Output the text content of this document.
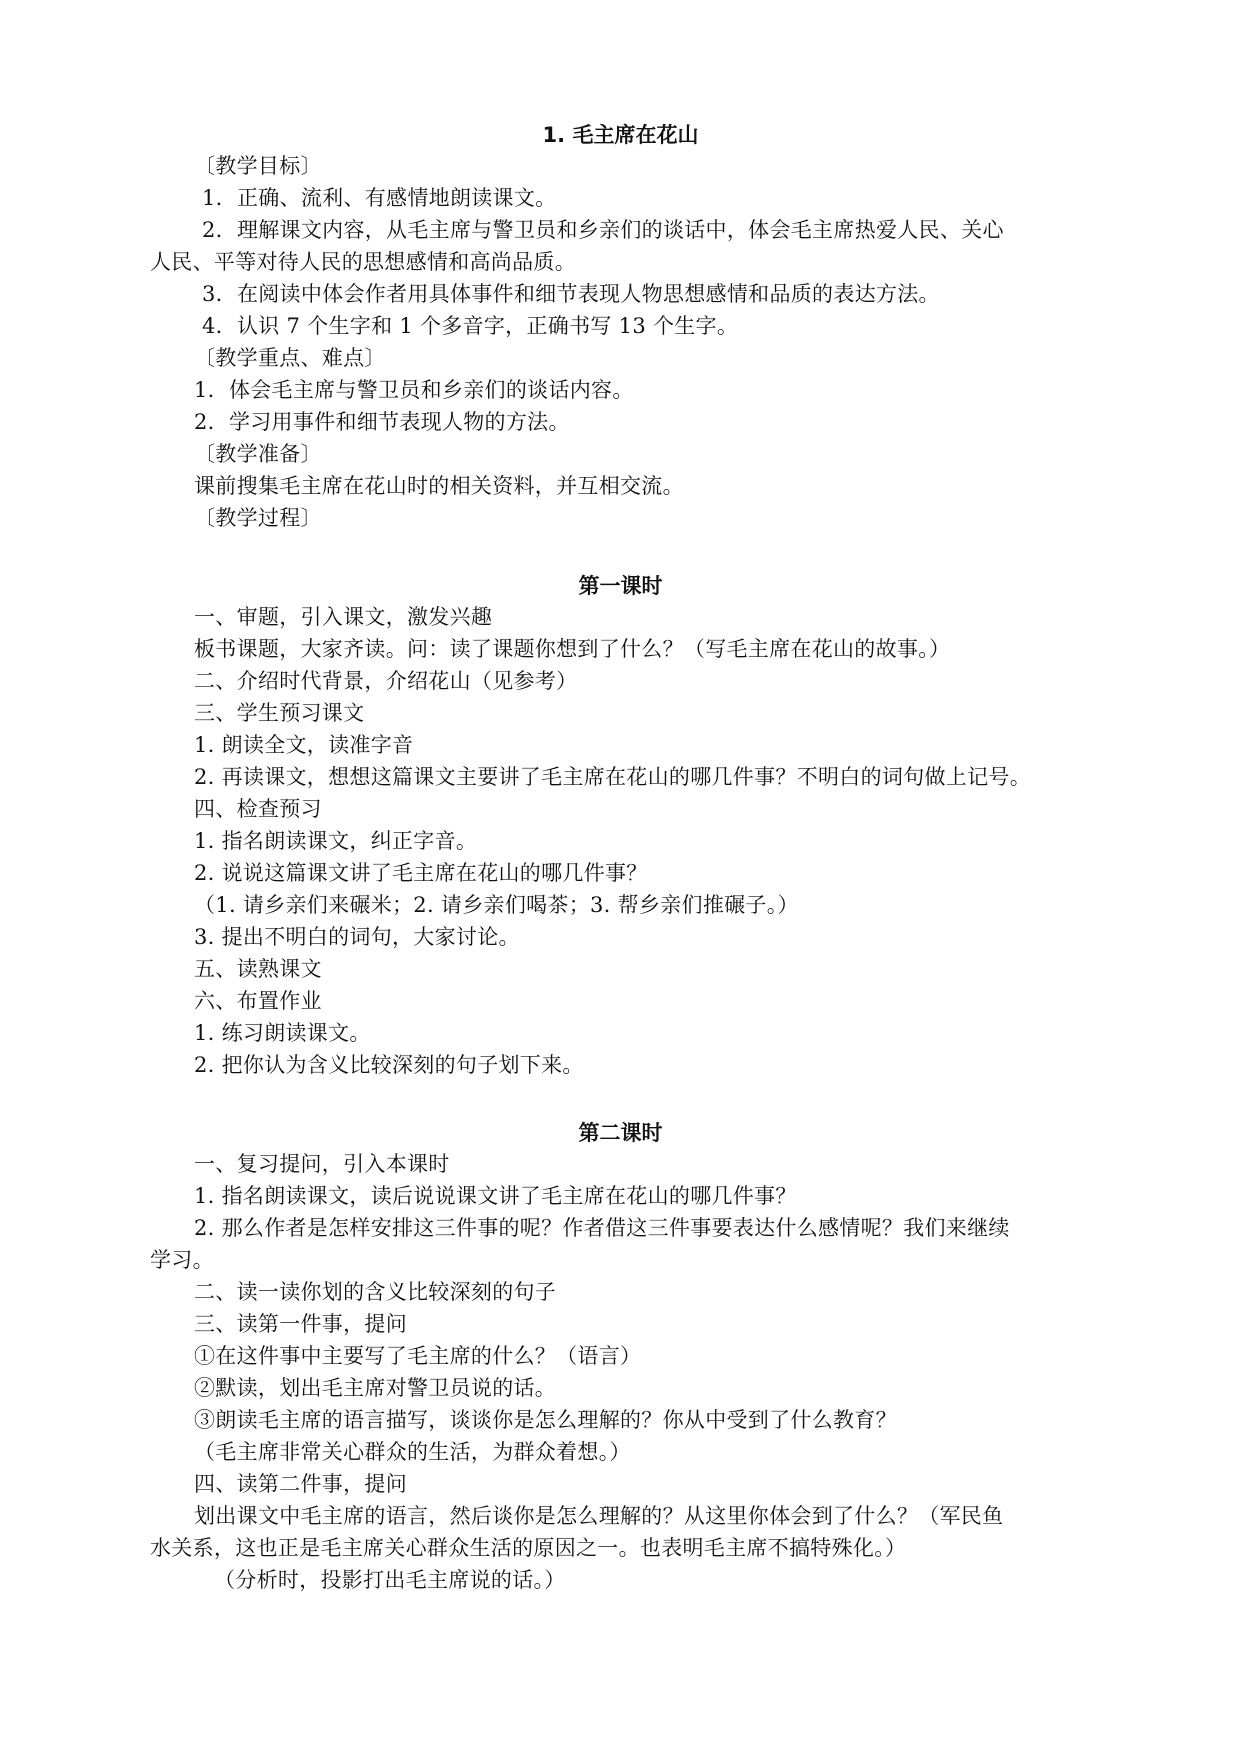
1. 毛主席在花山
〔教学目标〕
1．正确、流利、有感情地朗读课文。
2．理解课文内容，从毛主席与警卫员和乡亲们的谈话中，体会毛主席热爱人民、关心
人民、平等对待人民的思想感情和高尚品质。
3．在阅读中体会作者用具体事件和细节表现人物思想感情和品质的表达方法。
4．认识 7 个生字和 1 个多音字，正确书写 13 个生字。
〔教学重点、难点〕
1．体会毛主席与警卫员和乡亲们的谈话内容。
2．学习用事件和细节表现人物的方法。
〔教学准备〕
课前搜集毛主席在花山时的相关资料，并互相交流。
〔教学过程〕
第一课时
一、审题，引入课文，激发兴趣
板书课题，大家齐读。问：读了课题你想到了什么？（写毛主席在花山的故事。）
二、介绍时代背景，介绍花山（见参考）
三、学生预习课文
1. 朗读全文，读准字音
2. 再读课文，想想这篇课文主要讲了毛主席在花山的哪几件事？不明白的词句做上记号。
四、检查预习
1. 指名朗读课文，纠正字音。
2. 说说这篇课文讲了毛主席在花山的哪几件事？
（1. 请乡亲们来碾米；2. 请乡亲们喝茶；3. 帮乡亲们推碾子。）
3. 提出不明白的词句，大家讨论。
五、读熟课文
六、布置作业
1. 练习朗读课文。
2. 把你认为含义比较深刻的句子划下来。
第二课时
一、复习提问，引入本课时
1. 指名朗读课文，读后说说课文讲了毛主席在花山的哪几件事？
2. 那么作者是怎样安排这三件事的呢？作者借这三件事要表达什么感情呢？我们来继续
学习。
二、读一读你划的含义比较深刻的句子
三、读第一件事，提问
①在这件事中主要写了毛主席的什么？（语言）
②默读，划出毛主席对警卫员说的话。
③朗读毛主席的语言描写，谈谈你是怎么理解的？你从中受到了什么教育？
（毛主席非常关心群众的生活，为群众着想。）
四、读第二件事，提问
划出课文中毛主席的语言，然后谈你是怎么理解的？从这里你体会到了什么？（军民鱼
水关系，这也正是毛主席关心群众生活的原因之一。也表明毛主席不搞特殊化。）
（分析时，投影打出毛主席说的话。）
